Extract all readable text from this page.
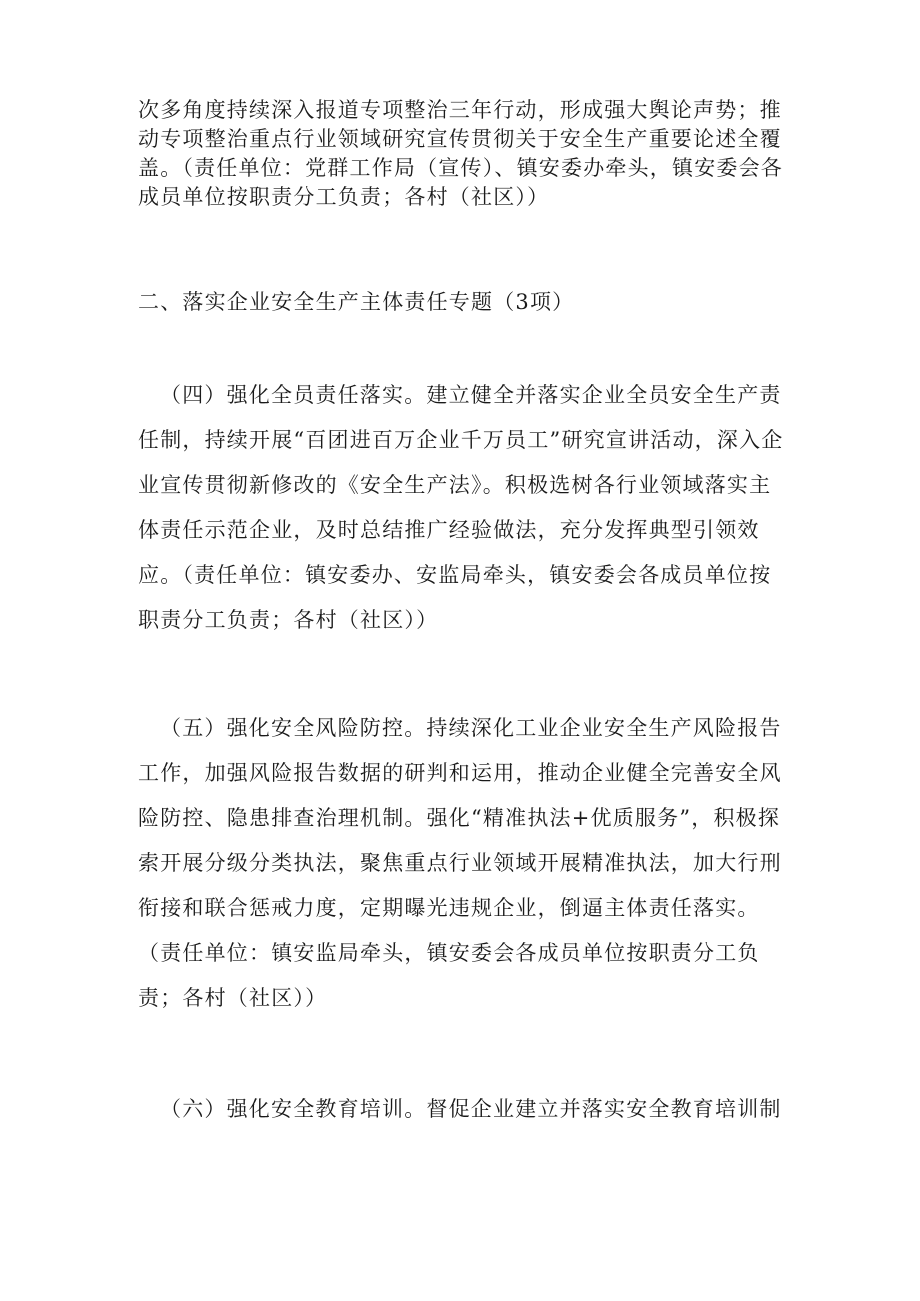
次多角度持续深入报道专项整治三年行动，形成强大舆论声势；推动专项整治重点行业领域研究宣传贯彻关于安全生产重要论述全覆盖。（责任单位：党群工作局（宣传）、镇安委办牵头，镇安委会各成员单位按职责分工负责；各村（社区））

二、落实企业安全生产主体责任专题（3项）

（四）强化全员责任落实。建立健全并落实企业全员安全生产责任制，持续开展“百团进百万企业千万员工”研究宣讲活动，深入企业宣传贯彻新修改的《安全生产法》。积极选树各行业领域落实主体责任示范企业，及时总结推广经验做法，充分发挥典型引领效应。（责任单位：镇安委办、安监局牵头，镇安委会各成员单位按职责分工负责；各村（社区））

（五）强化安全风险防控。持续深化工业企业安全生产风险报告工作，加强风险报告数据的研判和运用，推动企业健全完善安全风险防控、隐患排查治理机制。强化“精准执法+优质服务”，积极探索开展分级分类执法，聚焦重点行业领域开展精准执法，加大行刑衔接和联合惩戒力度，定期曝光违规企业，倒逼主体责任落实。（责任单位：镇安监局牵头，镇安委会各成员单位按职责分工负责；各村（社区））

（六）强化安全教育培训。督促企业建立并落实安全教育培训制
